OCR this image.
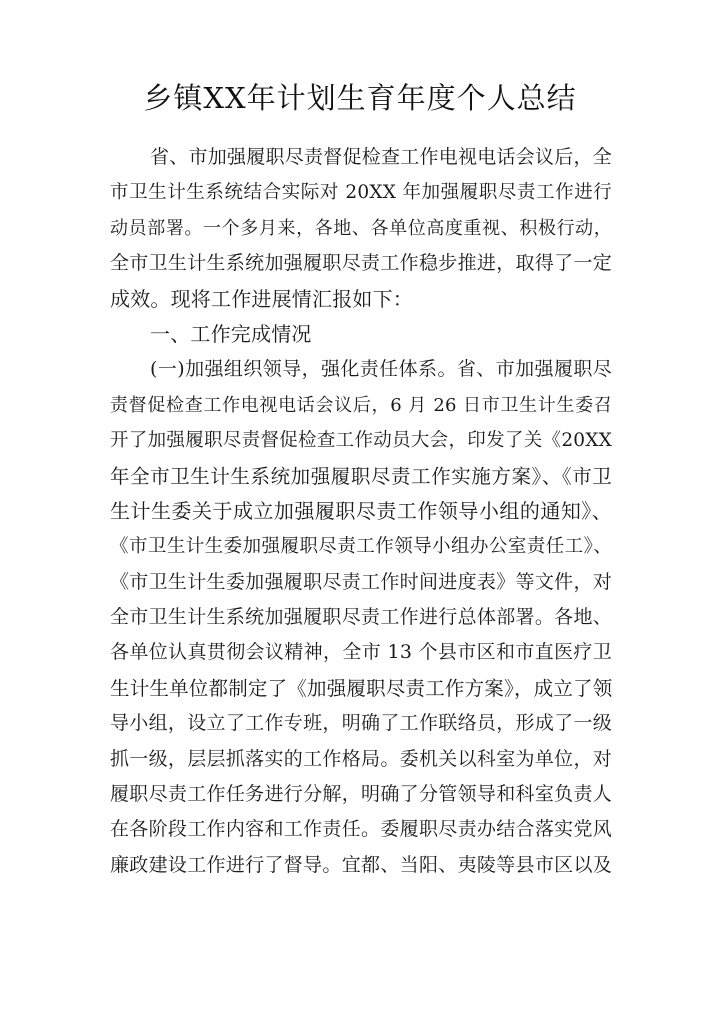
乡镇XX年计划生育年度个人总结
省、市加强履职尽责督促检查工作电视电话会议后，全
市卫生计生系统结合实际对 20XX 年加强履职尽责工作进行
动员部署。一个多月来，各地、各单位高度重视、积极行动，
全市卫生计生系统加强履职尽责工作稳步推进，取得了一定
成效。现将工作进展情汇报如下：
一、工作完成情况
(一)加强组织领导，强化责任体系。省、市加强履职尽
责督促检查工作电视电话会议后，6 月 26 日市卫生计生委召
开了加强履职尽责督促检查工作动员大会，印发了关《20XX
年全市卫生计生系统加强履职尽责工作实施方案》、《市卫
生计生委关于成立加强履职尽责工作领导小组的通知》、
《市卫生计生委加强履职尽责工作领导小组办公室责任工》、
《市卫生计生委加强履职尽责工作时间进度表》等文件，对
全市卫生计生系统加强履职尽责工作进行总体部署。各地、
各单位认真贯彻会议精神，全市 13 个县市区和市直医疗卫
生计生单位都制定了《加强履职尽责工作方案》，成立了领
导小组，设立了工作专班，明确了工作联络员，形成了一级
抓一级，层层抓落实的工作格局。委机关以科室为单位，对
履职尽责工作任务进行分解，明确了分管领导和科室负责人
在各阶段工作内容和工作责任。委履职尽责办结合落实党风
廉政建设工作进行了督导。宜都、当阳、夷陵等县市区以及
